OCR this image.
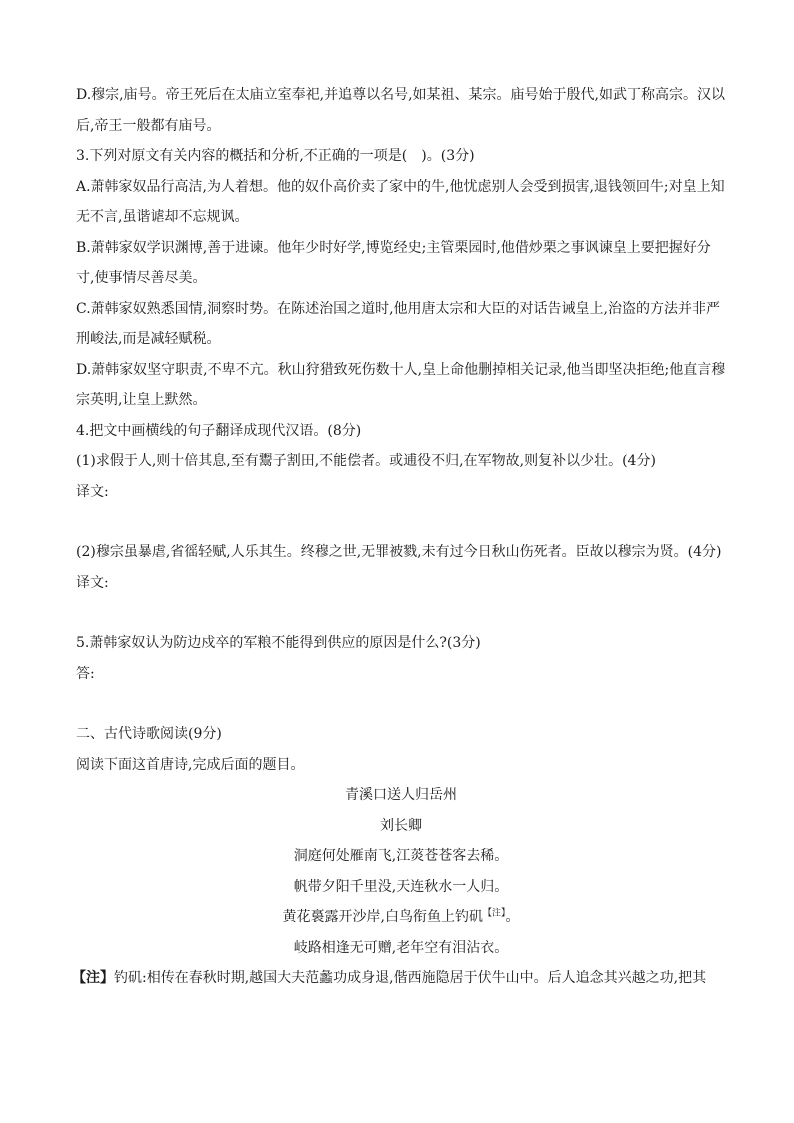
D.穆宗,庙号。帝王死后在太庙立室奉祀,并追尊以名号,如某祖、某宗。庙号始于殷代,如武丁称高宗。汉以后,帝王一般都有庙号。

3.下列对原文有关内容的概括和分析,不正确的一项是(　)。(3分)

A.萧韩家奴品行高洁,为人着想。他的奴仆高价卖了家中的牛,他忧虑别人会受到损害,退钱领回牛;对皇上知无不言,虽谐谑却不忘规讽。

B.萧韩家奴学识渊博,善于进谏。他年少时好学,博览经史;主管栗园时,他借炒栗之事讽谏皇上要把握好分寸,使事情尽善尽美。

C.萧韩家奴熟悉国情,洞察时势。在陈述治国之道时,他用唐太宗和大臣的对话告诫皇上,治盗的方法并非严刑峻法,而是减轻赋税。

D.萧韩家奴坚守职责,不卑不亢。秋山狩猎致死伤数十人,皇上命他删掉相关记录,他当即坚决拒绝;他直言穆宗英明,让皇上默然。

4.把文中画横线的句子翻译成现代汉语。(8分)

(1)求假于人,则十倍其息,至有鬻子割田,不能偿者。或逋役不归,在军物故,则复补以少壮。(4分)

译文:

(2)穆宗虽暴虐,省徭轻赋,人乐其生。终穆之世,无罪被戮,未有过今日秋山伤死者。臣故以穆宗为贤。(4分)

译文:

5.萧韩家奴认为防边戍卒的军粮不能得到供应的原因是什么?(3分)

答:

二、古代诗歌阅读(9分)

阅读下面这首唐诗,完成后面的题目。

青溪口送人归岳州

刘长卿

洞庭何处雁南飞,江菼苍苍客去稀。

帆带夕阳千里没,天连秋水一人归。

黄花裛露开沙岸,白鸟衔鱼上钓矶$^{【注】}$。

岐路相逢无可赠,老年空有泪沾衣。

【注】钓矶:相传在春秋时期,越国大夫范蠡功成身退,偕西施隐居于伏牛山中。后人追念其兴越之功,把其
